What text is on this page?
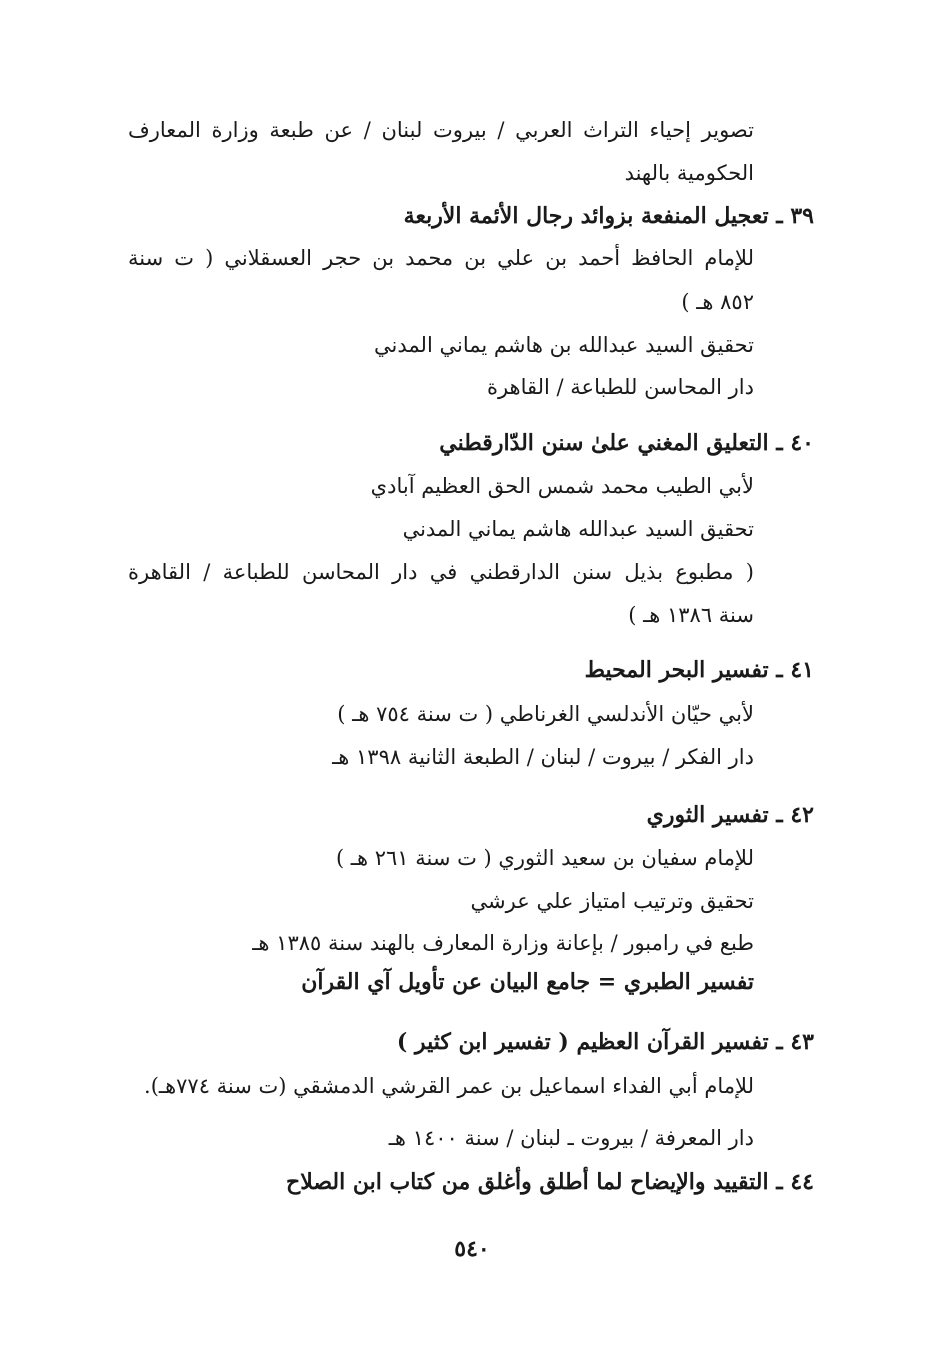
تصوير إحياء التراث العربي / بيروت لبنان / عن طبعة وزارة المعارف
الحكومية بالهند
٣٩ ـ تعجيل المنفعة بزوائد رجال الأئمة الأربعة
للإمام الحافظ أحمد بن علي بن محمد بن حجر العسقلاني ( ت سنة
٨٥٢ هـ )
تحقيق السيد عبدالله بن هاشم يماني المدني
دار المحاسن للطباعة / القاهرة
٤٠ ـ التعليق المغني علىٰ سنن الدّارقطني
لأبي الطيب محمد شمس الحق العظيم آبادي
تحقيق السيد عبدالله هاشم يماني المدني
( مطبوع بذيل سنن الدارقطني في دار المحاسن للطباعة / القاهرة
سنة ١٣٨٦ هـ )
٤١ ـ تفسير البحر المحيط
لأبي حيّان الأندلسي الغرناطي ( ت سنة ٧٥٤ هـ )
دار الفكر / بيروت / لبنان / الطبعة الثانية ١٣٩٨ هـ
٤٢ ـ تفسير الثوري
للإمام سفيان بن سعيد الثوري ( ت سنة ٢٦١ هـ )
تحقيق وترتيب امتياز علي عرشي
طبع في رامبور / بإعانة وزارة المعارف بالهند سنة ١٣٨٥ هـ
تفسير الطبري = جامع البيان عن تأويل آي القرآن
٤٣ ـ تفسير القرآن العظيم ( تفسير ابن كثير )
للإمام أبي الفداء اسماعيل بن عمر القرشي الدمشقي (ت سنة ٧٧٤هـ).
دار المعرفة / بيروت ـ لبنان / سنة ١٤٠٠ هـ
٤٤ ـ التقييد والإيضاح لما أطلق وأغلق من كتاب ابن الصلاح
٥٤٠
